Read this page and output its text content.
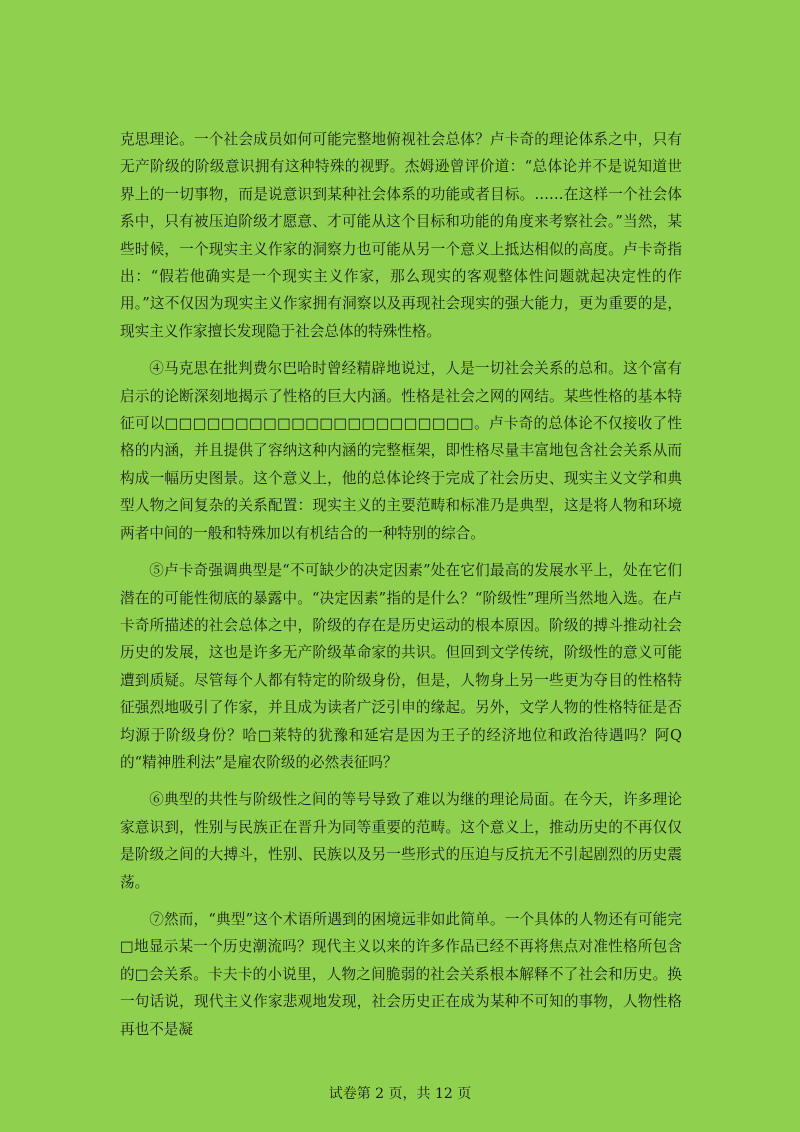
克思理论。一个社会成员如何可能完整地俯视社会总体？卢卡奇的理论体系之中，只有无产阶级的阶级意识拥有这种特殊的视野。杰姆逊曾评价道：“总体论并不是说知道世界上的一切事物，而是说意识到某种社会体系的功能或者目标。……在这样一个社会体系中，只有被压迫阶级才愿意、才可能从这个目标和功能的角度来考察社会。”当然，某些时候，一个现实主义作家的洞察力也可能从另一个意义上抵达相似的高度。卢卡奇指出：“假若他确实是一个现实主义作家，那么现实的客观整体性问题就起决定性的作用。”这不仅因为现实主义作家拥有洞察以及再现社会现实的强大能力，更为重要的是，现实主义作家擅长发现隐于社会总体的特殊性格。

④马克思在批判费尔巴哈时曾经精辟地说过，人是一切社会关系的总和。这个富有启示的论断深刻地揭示了性格的巨大内涵。性格是社会之网的网结。某些性格的基本特征可以□□□□□□□□□□□□□□□□□□□□□□。卢卡奇的总体论不仅接收了性格的内涵，并且提供了容纳这种内涵的完整框架，即性格尽量丰富地包含社会关系从而构成一幅历史图景。这个意义上，他的总体论终于完成了社会历史、现实主义文学和典型人物之间复杂的关系配置：现实主义的主要范畴和标准乃是典型，这是将人物和环境两者中间的一般和特殊加以有机结合的一种特别的综合。

⑤卢卡奇强调典型是“不可缺少的决定因素”处在它们最高的发展水平上，处在它们潜在的可能性彻底的暴露中。“决定因素”指的是什么？“阶级性”理所当然地入选。在卢卡奇所描述的社会总体之中，阶级的存在是历史运动的根本原因。阶级的搏斗推动社会历史的发展，这也是许多无产阶级革命家的共识。但回到文学传统，阶级性的意义可能遭到质疑。尽管每个人都有特定的阶级身份，但是，人物身上另一些更为夺目的性格特征强烈地吸引了作家，并且成为读者广泛引申的缘起。另外，文学人物的性格特征是否均源于阶级身份？哈□莱特的犹豫和延宕是因为王子的经济地位和政治待遇吗？阿Q的“精神胜利法”是雇农阶级的必然表征吗？

⑥典型的共性与阶级性之间的等号导致了难以为继的理论局面。在今天，许多理论家意识到，性别与民族正在晋升为同等重要的范畴。这个意义上，推动历史的不再仅仅是阶级之间的大搏斗，性别、民族以及另一些形式的压迫与反抗无不引起剧烈的历史震荡。

⑦然而，“典型”这个术语所遇到的困境远非如此简单。一个具体的人物还有可能完□地显示某一个历史潮流吗？现代主义以来的许多作品已经不再将焦点对准性格所包含的□会关系。卡夫卡的小说里，人物之间脆弱的社会关系根本解释不了社会和历史。换一句话说，现代主义作家悲观地发现，社会历史正在成为某种不可知的事物，人物性格再也不是凝

试卷第 2 页，共 12 页
